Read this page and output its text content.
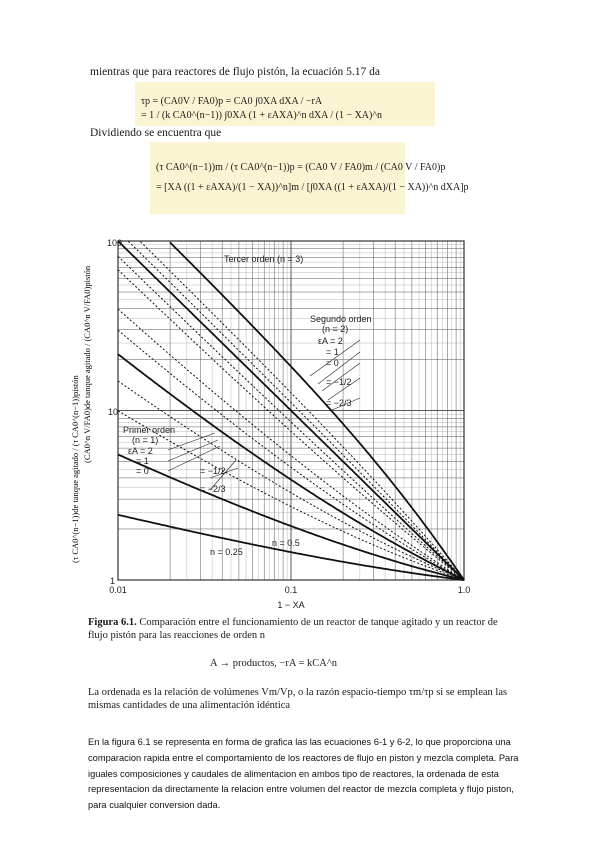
mientras que para reactores de flujo pistón, la ecuación 5.17 da
τp = (CA0V / FA0)p = CA0 ∫0XA dXA / −rA
= 1 / (k CA0^(n−1)) ∫0XA (1 + εAXA)^n dXA / (1 − XA)^n
Dividiendo se encuentra que
(τ CA0^(n−1))m / (τ CA0^(n−1))p = (CA0 V / FA0)m / (CA0 V / FA0)p
= [XA ((1 + εAXA)/(1 − XA))^n]m / [∫0XA ((1 + εAXA)/(1 − XA))^n dXA]p
(τ CA0^(n−1))de tanque agitado / (τ CA0^(n−1))pistón
(CA0^n V/FA0)de tanque agitado / (CA0^n V/FA0)pistón
100
10
1
0.01	0.1	1.0
1 − XA
Tercer orden (n = 3)
Segundo orden
(n = 2)
εA = 2
= 1
= 0
= −1/2
= −2/3
Primer orden
(n = 1)
εA = 2
= 1
= 0	= −1/2
= −2/3
n = 0.5
n = 0.25
Figura 6.1. Comparación entre el funcionamiento de un reactor de tanque agitado y un reactor de flujo pistón para las reacciones de orden n
A → productos, −rA = kCA^n
La ordenada es la relación de volúmenes Vm/Vp, o la razón espacio-tiempo τm/τp si se emplean las mismas cantidades de una alimentación idéntica
En la figura 6.1 se representa en forma de grafica las las ecuaciones 6-1 y 6-2, lo que proporciona una comparacion rapida entre el comportamiento de los reactores de flujo en piston y mezcla completa. Para iguales composiciones y caudales de alimentacion en ambos tipo de reactores, la ordenada de esta representacion da directamente la relacion entre volumen del reactor de mezcla completa y flujo piston, para cualquier conversion dada.
